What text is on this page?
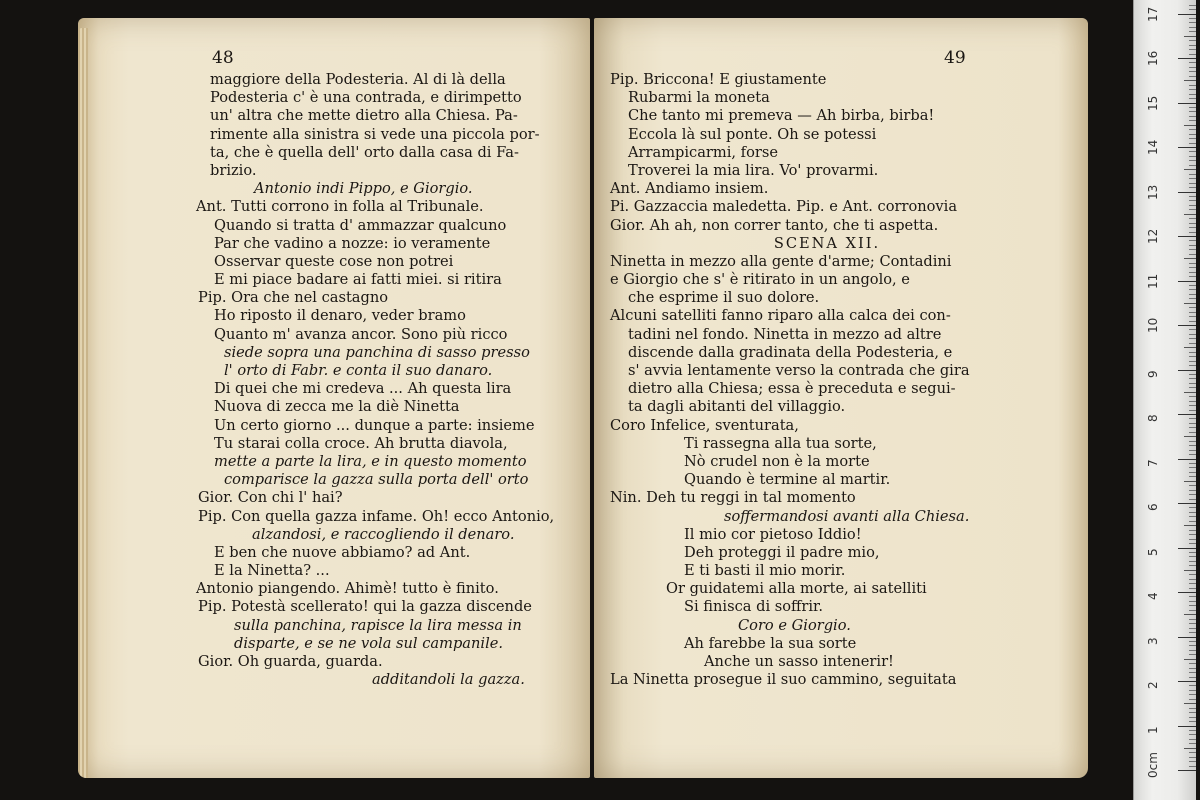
48
maggiore della Podesteria. Al di là della
Podesteria c' è una contrada, e dirimpetto
un' altra che mette dietro alla Chiesa. Pa-
rimente alla sinistra si vede una piccola por-
ta, che è quella dell' orto dalla casa di Fa-
brizio.
Antonio indi Pippo, e Giorgio.
Ant. Tutti corrono in folla al Tribunale.
Quando si tratta d' ammazzar qualcuno
Par che vadino a nozze: io veramente
Osservar queste cose non potrei
E mi piace badare ai fatti miei. si ritira
Pip. Ora che nel castagno
Ho riposto il denaro, veder bramo
Quanto m' avanza ancor. Sono più ricco
siede sopra una panchina di sasso presso
l' orto di Fabr. e conta il suo danaro.
Di quei che mi credeva ... Ah questa lira
Nuova di zecca me la diè Ninetta
Un certo giorno ... dunque a parte: insieme
Tu starai colla croce. Ah brutta diavola,
mette a parte la lira, e in questo momento
comparisce la gazza sulla porta dell' orto
Gior. Con chi l' hai?
Pip. Con quella gazza infame. Oh! ecco Antonio,
alzandosi, e raccogliendo il denaro.
E ben che nuove abbiamo? ad Ant.
E la Ninetta? ...
Antonio piangendo. Ahimè! tutto è finito.
Pip. Potestà scellerato! qui la gazza discende
sulla panchina, rapisce la lira messa in
disparte, e se ne vola sul campanile.
Gior. Oh guarda, guarda.
additandoli la gazza.
49
Pip. Briccona! E giustamente
Rubarmi la moneta
Che tanto mi premeva — Ah birba, birba!
Eccola là sul ponte. Oh se potessi
Arrampicarmi, forse
Troverei la mia lira. Vo' provarmi.
Ant. Andiamo insiem.
Pi. Gazzaccia maledetta. Pip. e Ant. corronovia
Gior. Ah ah, non correr tanto, che ti aspetta.
SCENA XII.
Ninetta in mezzo alla gente d'arme; Contadini
e Giorgio che s' è ritirato in un angolo, e
che esprime il suo dolore.
Alcuni satelliti fanno riparo alla calca dei con-
tadini nel fondo. Ninetta in mezzo ad altre
discende dalla gradinata della Podesteria, e
s' avvia lentamente verso la contrada che gira
dietro alla Chiesa; essa è preceduta e segui-
ta dagli abitanti del villaggio.
Coro Infelice, sventurata,
Ti rassegna alla tua sorte,
Nò crudel non è la morte
Quando è termine al martir.
Nin. Deh tu reggi in tal momento
soffermandosi avanti alla Chiesa.
Il mio cor pietoso Iddio!
Deh proteggi il padre mio,
E ti basti il mio morir.
Or guidatemi alla morte, ai satelliti
Si finisca di soffrir.
Coro e Giorgio.
Ah farebbe la sua sorte
Anche un sasso intenerir!
La Ninetta prosegue il suo cammino, seguitata
0cm
1
2
3
4
5
6
7
8
9
10
11
12
13
14
15
16
17
